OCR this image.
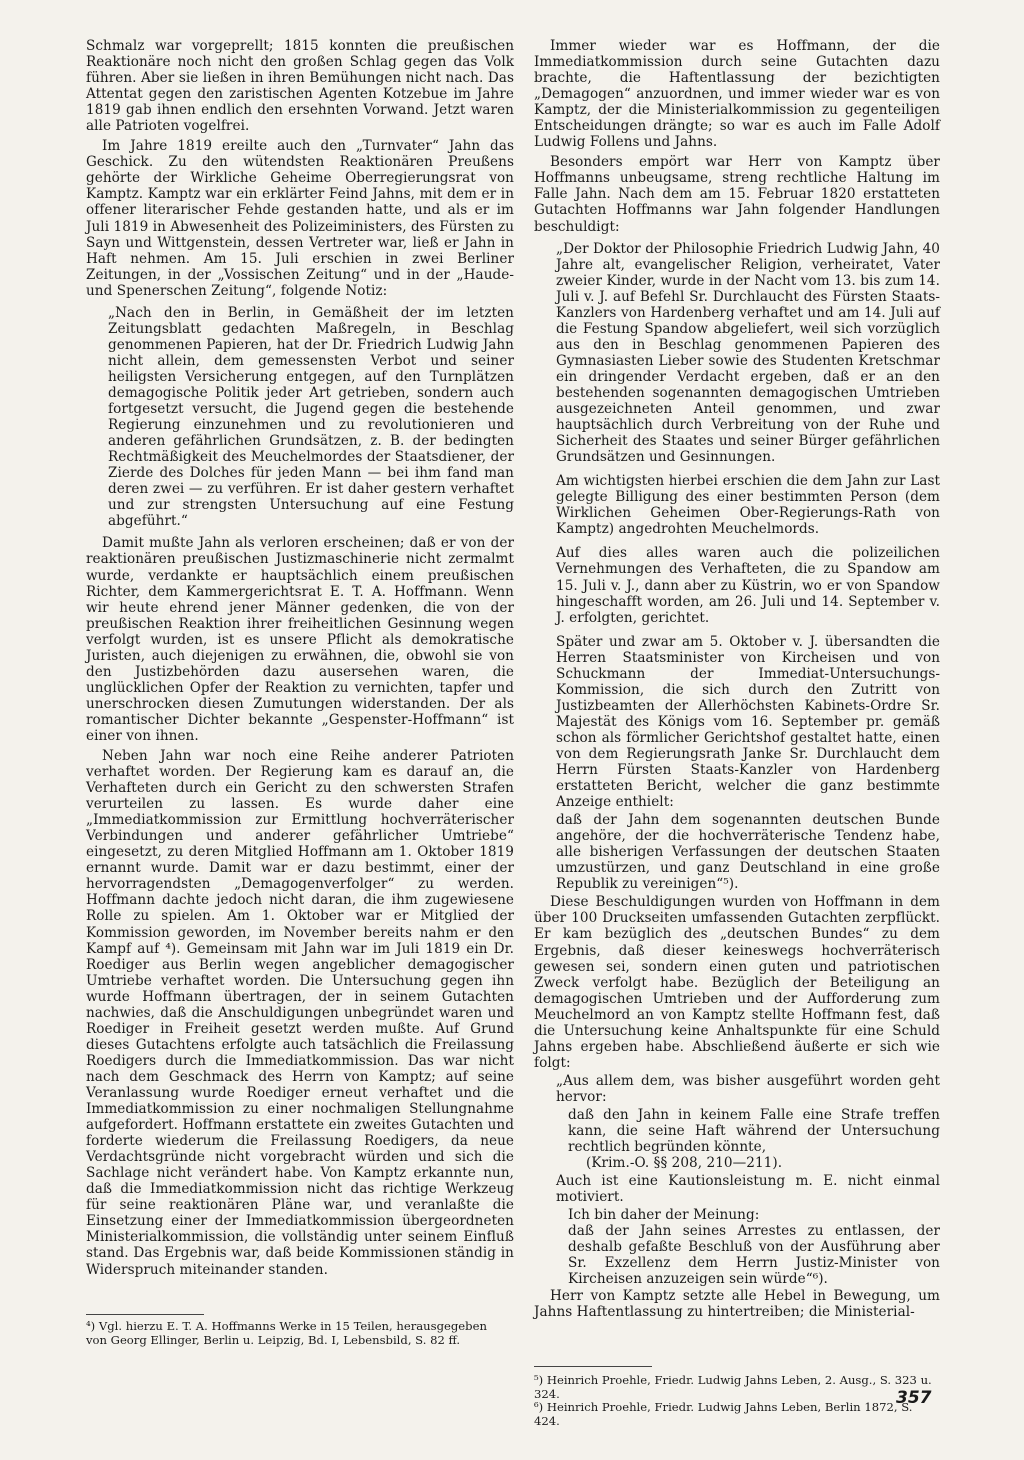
Schmalz war vorgeprellt; 1815 konnten die preußischen Reaktionäre noch nicht den großen Schlag gegen das Volk führen. Aber sie ließen in ihren Bemühungen nicht nach. Das Attentat gegen den zaristischen Agenten Kotzebue im Jahre 1819 gab ihnen endlich den ersehnten Vorwand. Jetzt waren alle Patrioten vogelfrei.

Im Jahre 1819 ereilte auch den „Turnvater“ Jahn das Geschick. Zu den wütendsten Reaktionären Preußens gehörte der Wirkliche Geheime Oberregierungsrat von Kamptz. Kamptz war ein erklärter Feind Jahns, mit dem er in offener literarischer Fehde gestanden hatte, und als er im Juli 1819 in Abwesenheit des Polizeiministers, des Fürsten zu Sayn und Wittgenstein, dessen Vertreter war, ließ er Jahn in Haft nehmen. Am 15. Juli erschien in zwei Berliner Zeitungen, in der „Vossischen Zeitung“ und in der „Haude- und Spenerschen Zeitung“, folgende Notiz:

„Nach den in Berlin, in Gemäßheit der im letzten Zeitungsblatt gedachten Maßregeln, in Beschlag genommenen Papieren, hat der Dr. Friedrich Ludwig Jahn nicht allein, dem gemessensten Verbot und seiner heiligsten Versicherung entgegen, auf den Turnplätzen demagogische Politik jeder Art getrieben, sondern auch fortgesetzt versucht, die Jugend gegen die bestehende Regierung einzunehmen und zu revolutionieren und anderen gefährlichen Grundsätzen, z. B. der bedingten Rechtmäßigkeit des Meuchelmordes der Staatsdiener, der Zierde des Dolches für jeden Mann — bei ihm fand man deren zwei — zu verführen. Er ist daher gestern verhaftet und zur strengsten Untersuchung auf eine Festung abgeführt.“

Damit mußte Jahn als verloren erscheinen; daß er von der reaktionären preußischen Justizmaschinerie nicht zermalmt wurde, verdankte er hauptsächlich einem preußischen Richter, dem Kammergerichtsrat E. T. A. Hoffmann. Wenn wir heute ehrend jener Männer gedenken, die von der preußischen Reaktion ihrer freiheitlichen Gesinnung wegen verfolgt wurden, ist es unsere Pflicht als demokratische Juristen, auch diejenigen zu erwähnen, die, obwohl sie von den Justizbehörden dazu ausersehen waren, die unglücklichen Opfer der Reaktion zu vernichten, tapfer und unerschrocken diesen Zumutungen widerstanden. Der als romantischer Dichter bekannte „Gespenster-Hoffmann“ ist einer von ihnen.

Neben Jahn war noch eine Reihe anderer Patrioten verhaftet worden. Der Regierung kam es darauf an, die Verhafteten durch ein Gericht zu den schwersten Strafen verurteilen zu lassen. Es wurde daher eine „Immediatkommission zur Ermittlung hochverräterischer Verbindungen und anderer gefährlicher Umtriebe“ eingesetzt, zu deren Mitglied Hoffmann am 1. Oktober 1819 ernannt wurde. Damit war er dazu bestimmt, einer der hervorragendsten „Demagogenverfolger“ zu werden. Hoffmann dachte jedoch nicht daran, die ihm zugewiesene Rolle zu spielen. Am 1. Oktober war er Mitglied der Kommission geworden, im November bereits nahm er den Kampf auf ⁴). Gemeinsam mit Jahn war im Juli 1819 ein Dr. Roediger aus Berlin wegen angeblicher demagogischer Umtriebe verhaftet worden. Die Untersuchung gegen ihn wurde Hoffmann übertragen, der in seinem Gutachten nachwies, daß die Anschuldigungen unbegründet waren und Roediger in Freiheit gesetzt werden mußte. Auf Grund dieses Gutachtens erfolgte auch tatsächlich die Freilassung Roedigers durch die Immediatkommission. Das war nicht nach dem Geschmack des Herrn von Kamptz; auf seine Veranlassung wurde Roediger erneut verhaftet und die Immediatkommission zu einer nochmaligen Stellungnahme aufgefordert. Hoffmann erstattete ein zweites Gutachten und forderte wiederum die Freilassung Roedigers, da neue Verdachtsgründe nicht vorgebracht würden und sich die Sachlage nicht verändert habe. Von Kamptz erkannte nun, daß die Immediatkommission nicht das richtige Werkzeug für seine reaktionären Pläne war, und veranlaßte die Einsetzung einer der Immediatkommission übergeordneten Ministerialkommission, die vollständig unter seinem Einfluß stand. Das Ergebnis war, daß beide Kommissionen ständig in Widerspruch miteinander standen.

⁴) Vgl. hierzu E. T. A. Hoffmanns Werke in 15 Teilen, herausgegeben von Georg Ellinger, Berlin u. Leipzig, Bd. I, Lebensbild, S. 82 ff.

Immer wieder war es Hoffmann, der die Immediatkommission durch seine Gutachten dazu brachte, die Haftentlassung der bezichtigten „Demagogen“ anzuordnen, und immer wieder war es von Kamptz, der die Ministerialkommission zu gegenteiligen Entscheidungen drängte; so war es auch im Falle Adolf Ludwig Follens und Jahns.

Besonders empört war Herr von Kamptz über Hoffmanns unbeugsame, streng rechtliche Haltung im Falle Jahn. Nach dem am 15. Februar 1820 erstatteten Gutachten Hoffmanns war Jahn folgender Handlungen beschuldigt:

„Der Doktor der Philosophie Friedrich Ludwig Jahn, 40 Jahre alt, evangelischer Religion, verheiratet, Vater zweier Kinder, wurde in der Nacht vom 13. bis zum 14. Juli v. J. auf Befehl Sr. Durchlaucht des Fürsten Staats-Kanzlers von Hardenberg verhaftet und am 14. Juli auf die Festung Spandow abgeliefert, weil sich vorzüglich aus den in Beschlag genommenen Papieren des Gymnasiasten Lieber sowie des Studenten Kretschmar ein dringender Verdacht ergeben, daß er an den bestehenden sogenannten demagogischen Umtrieben ausgezeichneten Anteil genommen, und zwar hauptsächlich durch Verbreitung von der Ruhe und Sicherheit des Staates und seiner Bürger gefährlichen Grundsätzen und Gesinnungen.

Am wichtigsten hierbei erschien die dem Jahn zur Last gelegte Billigung des einer bestimmten Person (dem Wirklichen Geheimen Ober-Regierungs-Rath von Kamptz) angedrohten Meuchelmords.

Auf dies alles waren auch die polizeilichen Vernehmungen des Verhafteten, die zu Spandow am 15. Juli v. J., dann aber zu Küstrin, wo er von Spandow hingeschafft worden, am 26. Juli und 14. September v. J. erfolgten, gerichtet.

Später und zwar am 5. Oktober v. J. übersandten die Herren Staatsminister von Kircheisen und von Schuckmann der Immediat-Untersuchungs-Kommission, die sich durch den Zutritt von Justizbeamten der Allerhöchsten Kabinets-Ordre Sr. Majestät des Königs vom 16. September pr. gemäß schon als förmlicher Gerichtshof gestaltet hatte, einen von dem Regierungsrath Janke Sr. Durchlaucht dem Herrn Fürsten Staats-Kanzler von Hardenberg erstatteten Bericht, welcher die ganz bestimmte Anzeige enthielt:

daß der Jahn dem sogenannten deutschen Bunde angehöre, der die hochverräterische Tendenz habe, alle bisherigen Verfassungen der deutschen Staaten umzustürzen, und ganz Deutschland in eine große Republik zu vereinigen“⁵).

Diese Beschuldigungen wurden von Hoffmann in dem über 100 Druckseiten umfassenden Gutachten zerpflückt. Er kam bezüglich des „deutschen Bundes“ zu dem Ergebnis, daß dieser keineswegs hochverräterisch gewesen sei, sondern einen guten und patriotischen Zweck verfolgt habe. Bezüglich der Beteiligung an demagogischen Umtrieben und der Aufforderung zum Meuchelmord an von Kamptz stellte Hoffmann fest, daß die Untersuchung keine Anhaltspunkte für eine Schuld Jahns ergeben habe. Abschließend äußerte er sich wie folgt:

„Aus allem dem, was bisher ausgeführt worden geht hervor:

daß den Jahn in keinem Falle eine Strafe treffen kann, die seine Haft während der Untersuchung rechtlich begründen könnte,

(Krim.-O. §§ 208, 210—211).

Auch ist eine Kautionsleistung m. E. nicht einmal motiviert.

Ich bin daher der Meinung:

daß der Jahn seines Arrestes zu entlassen, der deshalb gefaßte Beschluß von der Ausführung aber Sr. Exzellenz dem Herrn Justiz-Minister von Kircheisen anzuzeigen sein würde“⁶).

Herr von Kamptz setzte alle Hebel in Bewegung, um Jahns Haftentlassung zu hintertreiben; die Ministerial-

⁵) Heinrich Proehle, Friedr. Ludwig Jahns Leben, 2. Ausg., S. 323 u. 324.
⁶) Heinrich Proehle, Friedr. Ludwig Jahns Leben, Berlin 1872, S. 424.
357
